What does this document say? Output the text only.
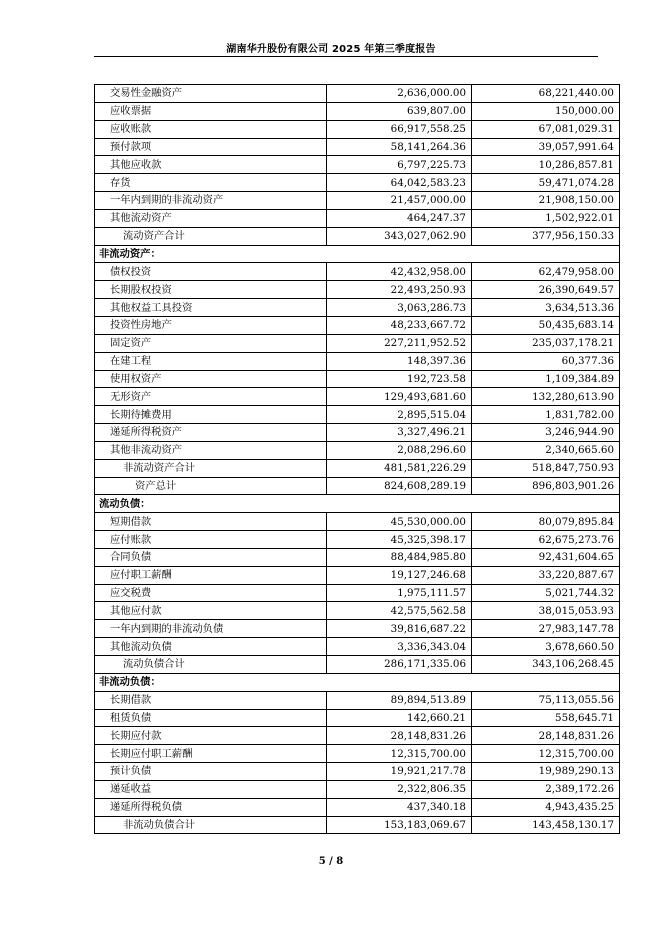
湖南华升股份有限公司 2025 年第三季度报告
交易性金融资产	2,636,000.00	68,221,440.00
应收票据	639,807.00	150,000.00
应收账款	66,917,558.25	67,081,029.31
预付款项	58,141,264.36	39,057,991.64
其他应收款	6,797,225.73	10,286,857.81
存货	64,042,583.23	59,471,074.28
一年内到期的非流动资产	21,457,000.00	21,908,150.00
其他流动资产	464,247.37	1,502,922.01
流动资产合计	343,027,062.90	377,956,150.33
非流动资产：		
债权投资	42,432,958.00	62,479,958.00
长期股权投资	22,493,250.93	26,390,649.57
其他权益工具投资	3,063,286.73	3,634,513.36
投资性房地产	48,233,667.72	50,435,683.14
固定资产	227,211,952.52	235,037,178.21
在建工程	148,397.36	60,377.36
使用权资产	192,723.58	1,109,384.89
无形资产	129,493,681.60	132,280,613.90
长期待摊费用	2,895,515.04	1,831,782.00
递延所得税资产	3,327,496.21	3,246,944.90
其他非流动资产	2,088,296.60	2,340,665.60
非流动资产合计	481,581,226.29	518,847,750.93
资产总计	824,608,289.19	896,803,901.26
流动负债：		
短期借款	45,530,000.00	80,079,895.84
应付账款	45,325,398.17	62,675,273.76
合同负债	88,484,985.80	92,431,604.65
应付职工薪酬	19,127,246.68	33,220,887.67
应交税费	1,975,111.57	5,021,744.32
其他应付款	42,575,562.58	38,015,053.93
一年内到期的非流动负债	39,816,687.22	27,983,147.78
其他流动负债	3,336,343.04	3,678,660.50
流动负债合计	286,171,335.06	343,106,268.45
非流动负债：		
长期借款	89,894,513.89	75,113,055.56
租赁负债	142,660.21	558,645.71
长期应付款	28,148,831.26	28,148,831.26
长期应付职工薪酬	12,315,700.00	12,315,700.00
预计负债	19,921,217.78	19,989,290.13
递延收益	2,322,806.35	2,389,172.26
递延所得税负债	437,340.18	4,943,435.25
非流动负债合计	153,183,069.67	143,458,130.17
5 / 8
